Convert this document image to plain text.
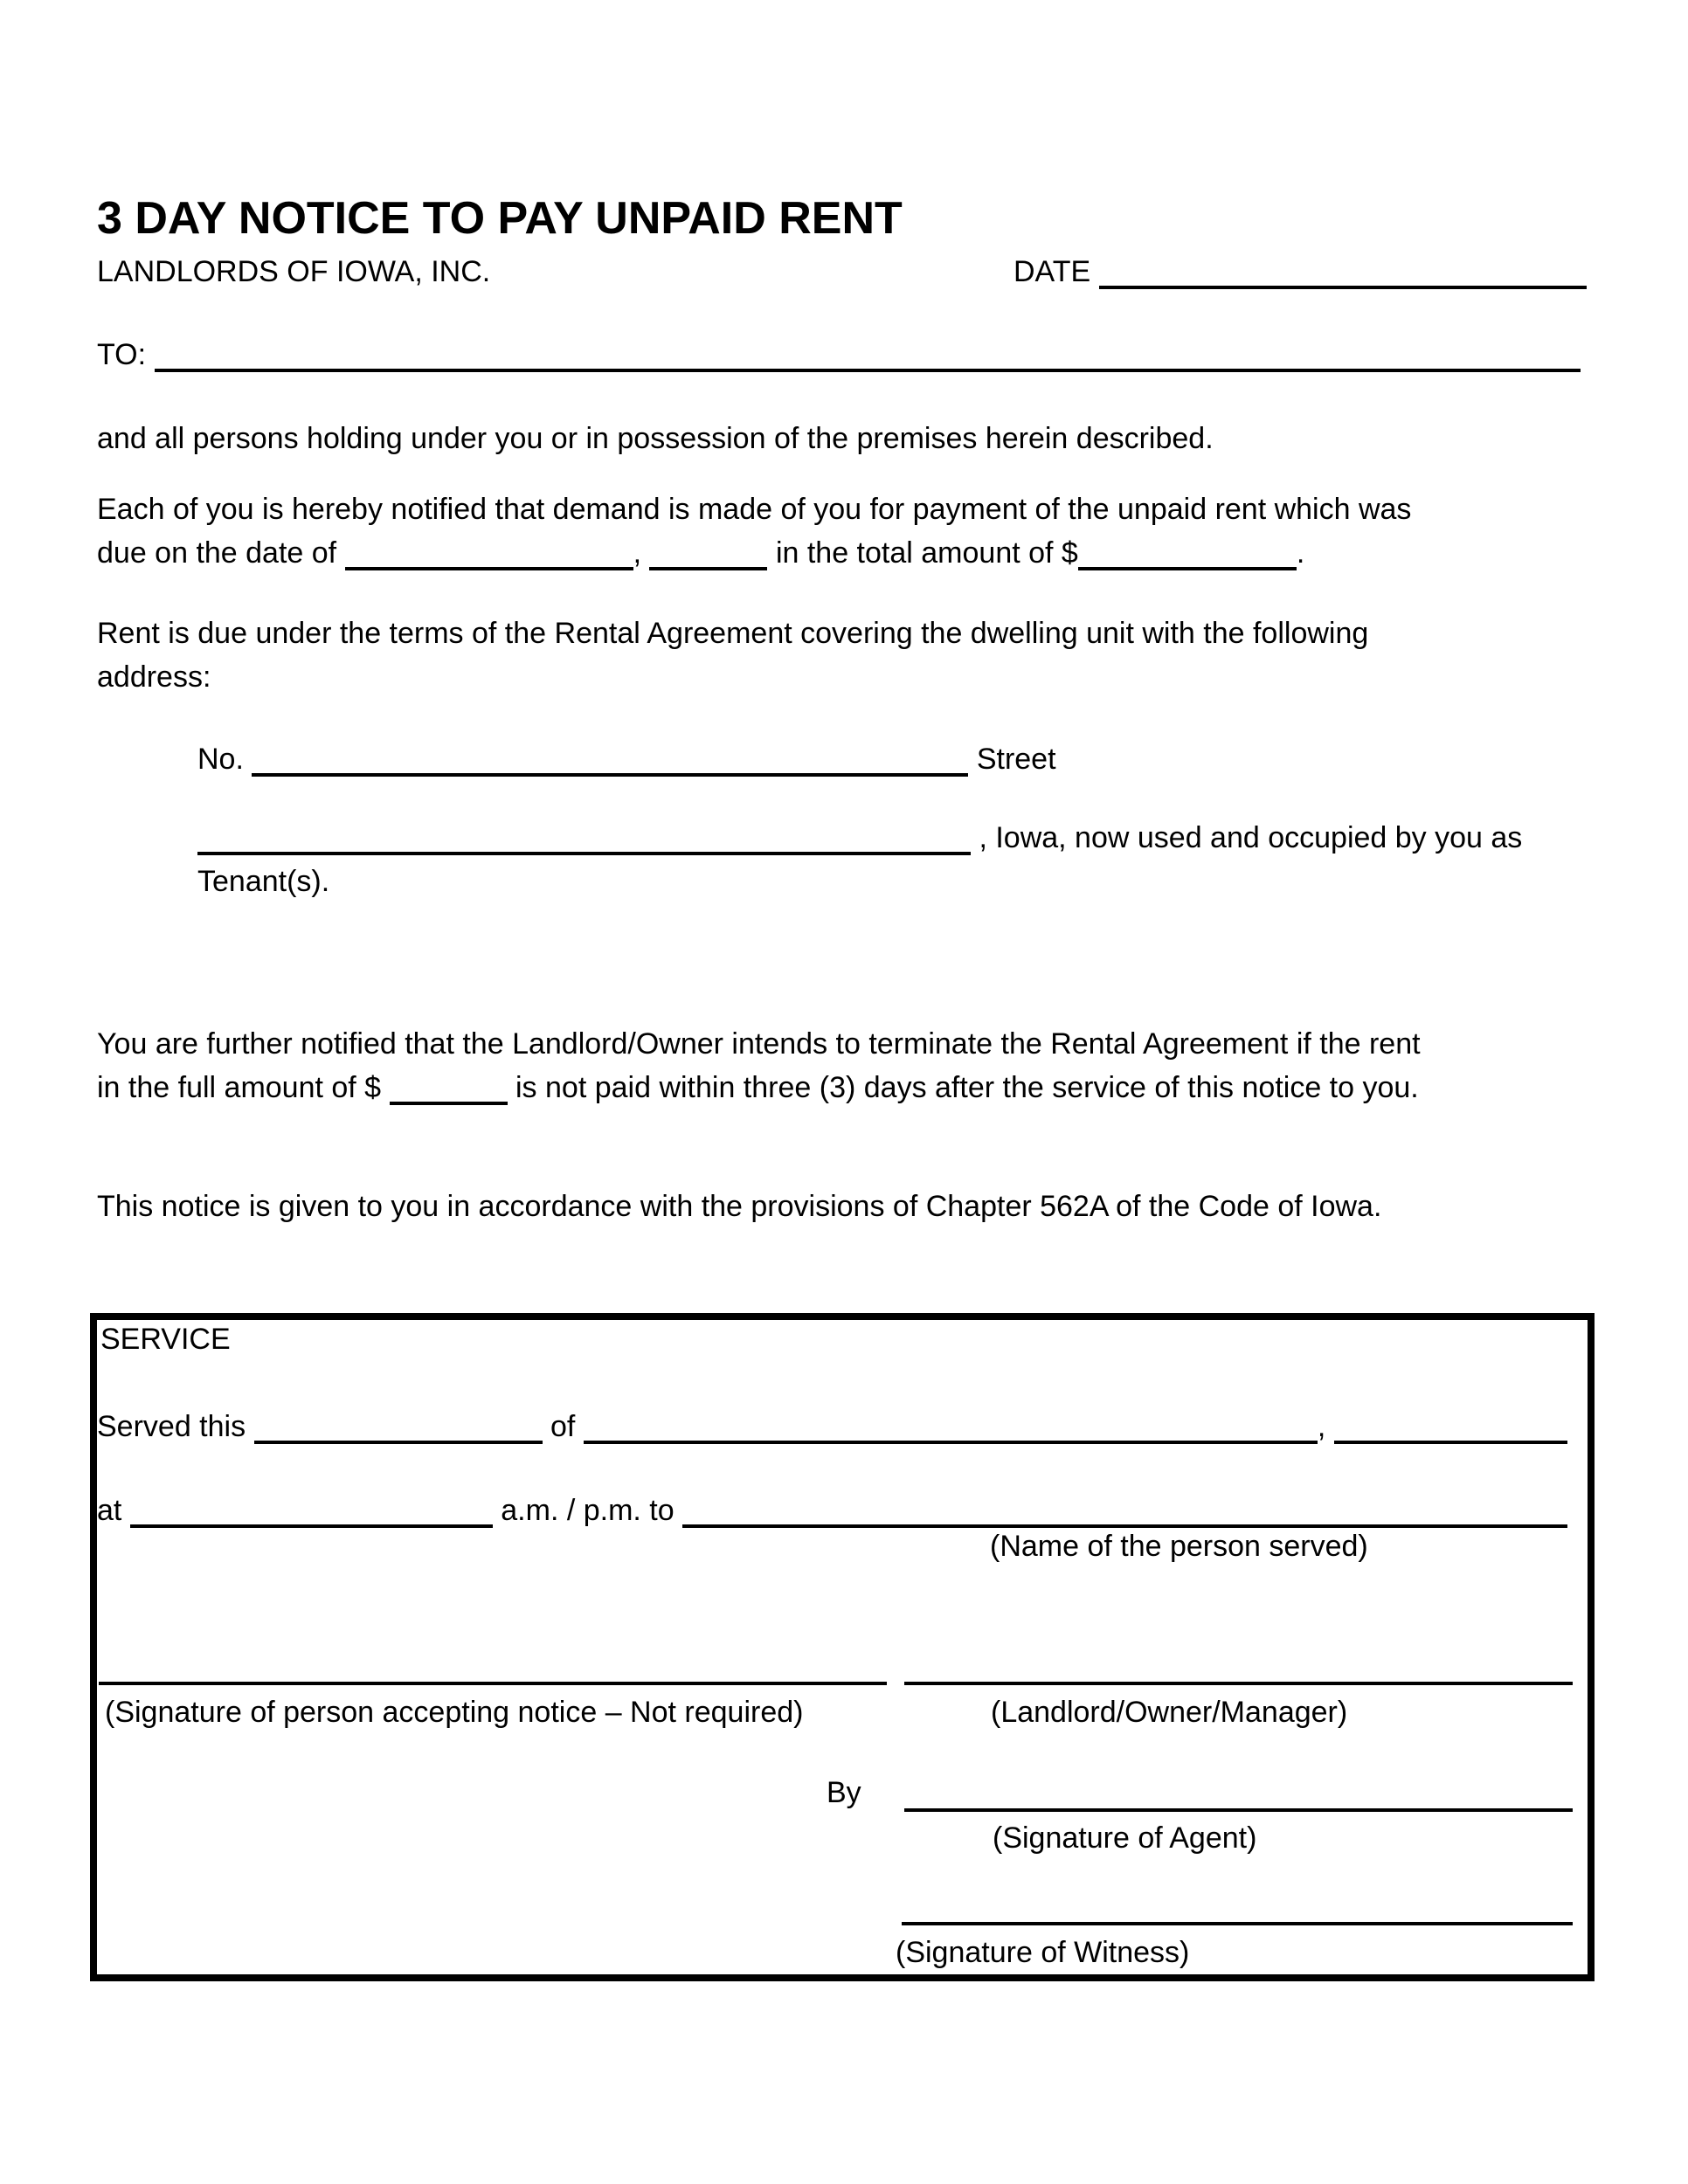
3 DAY NOTICE TO PAY UNPAID RENT
LANDLORDS OF IOWA, INC.	DATE
TO:
and all persons holding under you or in possession of the premises herein described.
Each of you is hereby notified that demand is made of you for payment of the unpaid rent which was
due on the date of	,	in the total amount of $	.
Rent is due under the terms of the Rental Agreement covering the dwelling unit with the following
address:
No.	Street
, Iowa, now used and occupied by you as
Tenant(s).
You are further notified that the Landlord/Owner intends to terminate the Rental Agreement if the rent
in the full amount of $	is not paid within three (3) days after the service of this notice to you.
This notice is given to you in accordance with the provisions of Chapter 562A of the Code of Iowa.
SERVICE
Served this	of	,
at	a.m. / p.m. to
(Name of the person served)
(Signature of person accepting notice – Not required)	(Landlord/Owner/Manager)
By
(Signature of Agent)
(Signature of Witness)
